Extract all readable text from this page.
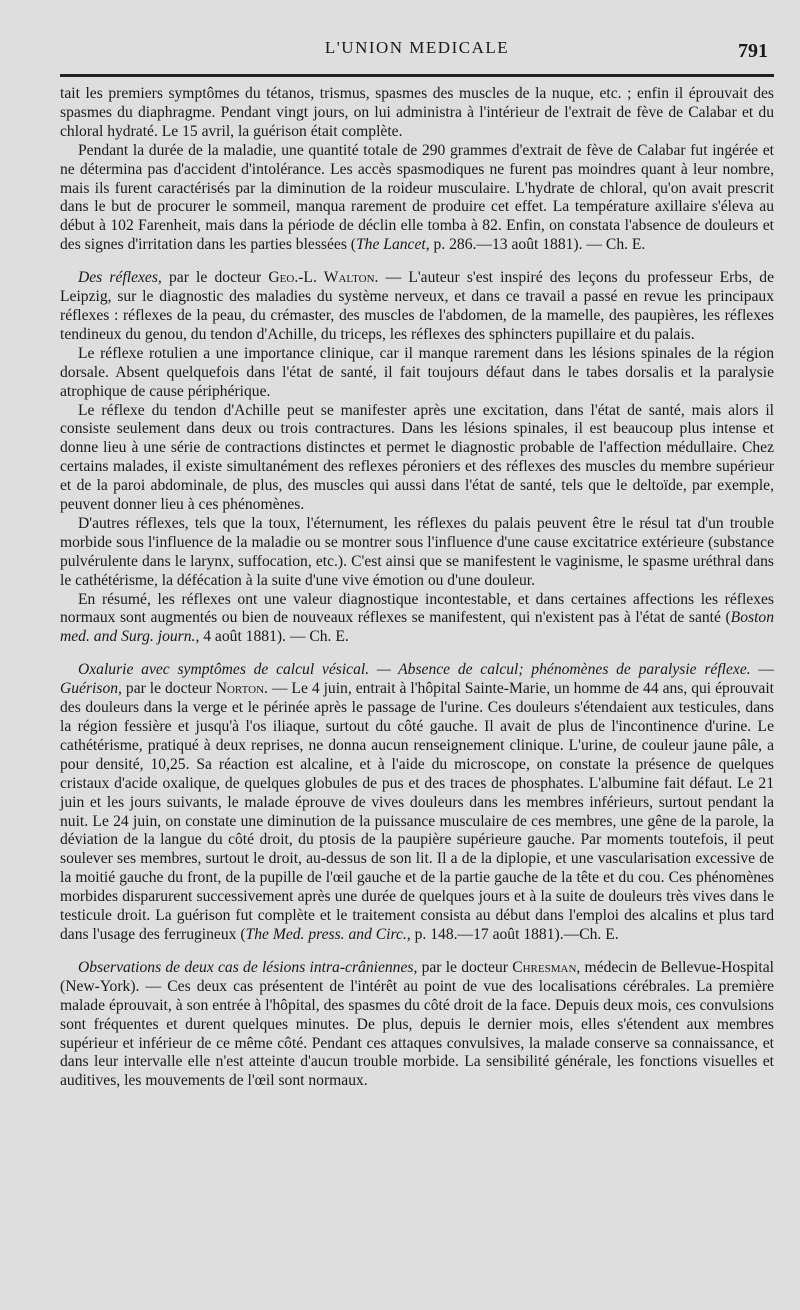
L'UNION MEDICALE	791

tait les premiers symptômes du tétanos, trismus, spasmes des muscles de la nuque, etc. ; enfin il éprouvait des spasmes du diaphragme. Pendant vingt jours, on lui administra à l'intérieur de l'extrait de fève de Calabar et du chloral hydraté. Le 15 avril, la guérison était complète.

Pendant la durée de la maladie, une quantité totale de 290 grammes d'extrait de fève de Calabar fut ingérée et ne détermina pas d'accident d'intolérance. Les accès spasmodiques ne furent pas moindres quant à leur nombre, mais ils furent caractérisés par la diminution de la roideur musculaire. L'hydrate de chloral, qu'on avait prescrit dans le but de procurer le sommeil, manqua rarement de produire cet effet. La température axillaire s'éleva au début à 102 Farenheit, mais dans la période de déclin elle tomba à 82. Enfin, on constata l'absence de douleurs et des signes d'irritation dans les parties blessées (The Lancet, p. 286.—13 août 1881). — Ch. E.

Des réflexes, par le docteur Geo.-L. Walton. — L'auteur s'est inspiré des leçons du professeur Erbs, de Leipzig, sur le diagnostic des maladies du système nerveux, et dans ce travail a passé en revue les principaux réflexes : réflexes de la peau, du crémaster, des muscles de l'abdomen, de la mamelle, des paupières, les réflexes tendineux du genou, du tendon d'Achille, du triceps, les réflexes des sphincters pupillaire et du palais.

Le réflexe rotulien a une importance clinique, car il manque rarement dans les lésions spinales de la région dorsale. Absent quelquefois dans l'état de santé, il fait toujours défaut dans le tabes dorsalis et la paralysie atrophique de cause périphérique.

Le réflexe du tendon d'Achille peut se manifester après une excitation, dans l'état de santé, mais alors il consiste seulement dans deux ou trois contractures. Dans les lésions spinales, il est beaucoup plus intense et donne lieu à une série de contractions distinctes et permet le diagnostic probable de l'affection médullaire. Chez certains malades, il existe simultanément des reflexes péroniers et des réflexes des muscles du membre supérieur et de la paroi abdominale, de plus, des muscles qui aussi dans l'état de santé, tels que le deltoïde, par exemple, peuvent donner lieu à ces phénomènes.

D'autres réflexes, tels que la toux, l'éternument, les réflexes du palais peuvent être le résul tat d'un trouble morbide sous l'influence de la maladie ou se montrer sous l'influence d'une cause excitatrice extérieure (substance pulvérulente dans le larynx, suffocation, etc.). C'est ainsi que se manifestent le vaginisme, le spasme uréthral dans le cathétérisme, la défécation à la suite d'une vive émotion ou d'une douleur.

En résumé, les réflexes ont une valeur diagnostique incontestable, et dans certaines affections les réflexes normaux sont augmentés ou bien de nouveaux réflexes se manifestent, qui n'existent pas à l'état de santé (Boston med. and Surg. journ., 4 août 1881). — Ch. E.

Oxalurie avec symptômes de calcul vésical. — Absence de calcul; phénomènes de paralysie réflexe. — Guérison, par le docteur Norton. — Le 4 juin, entrait à l'hôpital Sainte-Marie, un homme de 44 ans, qui éprouvait des douleurs dans la verge et le périnée après le passage de l'urine. Ces douleurs s'étendaient aux testicules, dans la région fessière et jusqu'à l'os iliaque, surtout du côté gauche. Il avait de plus de l'incontinence d'urine. Le cathétérisme, pratiqué à deux reprises, ne donna aucun renseignement clinique. L'urine, de couleur jaune pâle, a pour densité, 10,25. Sa réaction est alcaline, et à l'aide du microscope, on constate la présence de quelques cristaux d'acide oxalique, de quelques globules de pus et des traces de phosphates. L'albumine fait défaut. Le 21 juin et les jours suivants, le malade éprouve de vives douleurs dans les membres inférieurs, surtout pendant la nuit. Le 24 juin, on constate une diminution de la puissance musculaire de ces membres, une gêne de la parole, la déviation de la langue du côté droit, du ptosis de la paupière supérieure gauche. Par moments toutefois, il peut soulever ses membres, surtout le droit, au-dessus de son lit. Il a de la diplopie, et une vascularisation excessive de la moitié gauche du front, de la pupille de l'œil gauche et de la partie gauche de la tête et du cou. Ces phénomènes morbides disparurent successivement après une durée de quelques jours et à la suite de douleurs très vives dans le testicule droit. La guérison fut complète et le traitement consista au début dans l'emploi des alcalins et plus tard dans l'usage des ferrugineux (The Med. press. and Circ., p. 148.—17 août 1881).—Ch. E.

Observations de deux cas de lésions intra-crâniennes, par le docteur Chresman, médecin de Bellevue-Hospital (New-York). — Ces deux cas présentent de l'intérêt au point de vue des localisations cérébrales. La première malade éprouvait, à son entrée à l'hôpital, des spasmes du côté droit de la face. Depuis deux mois, ces convulsions sont fréquentes et durent quelques minutes. De plus, depuis le dernier mois, elles s'étendent aux membres supérieur et inférieur de ce même côté. Pendant ces attaques convulsives, la malade conserve sa connaissance, et dans leur intervalle elle n'est atteinte d'aucun trouble morbide. La sensibilité générale, les fonctions visuelles et auditives, les mouvements de l'œil sont normaux.
